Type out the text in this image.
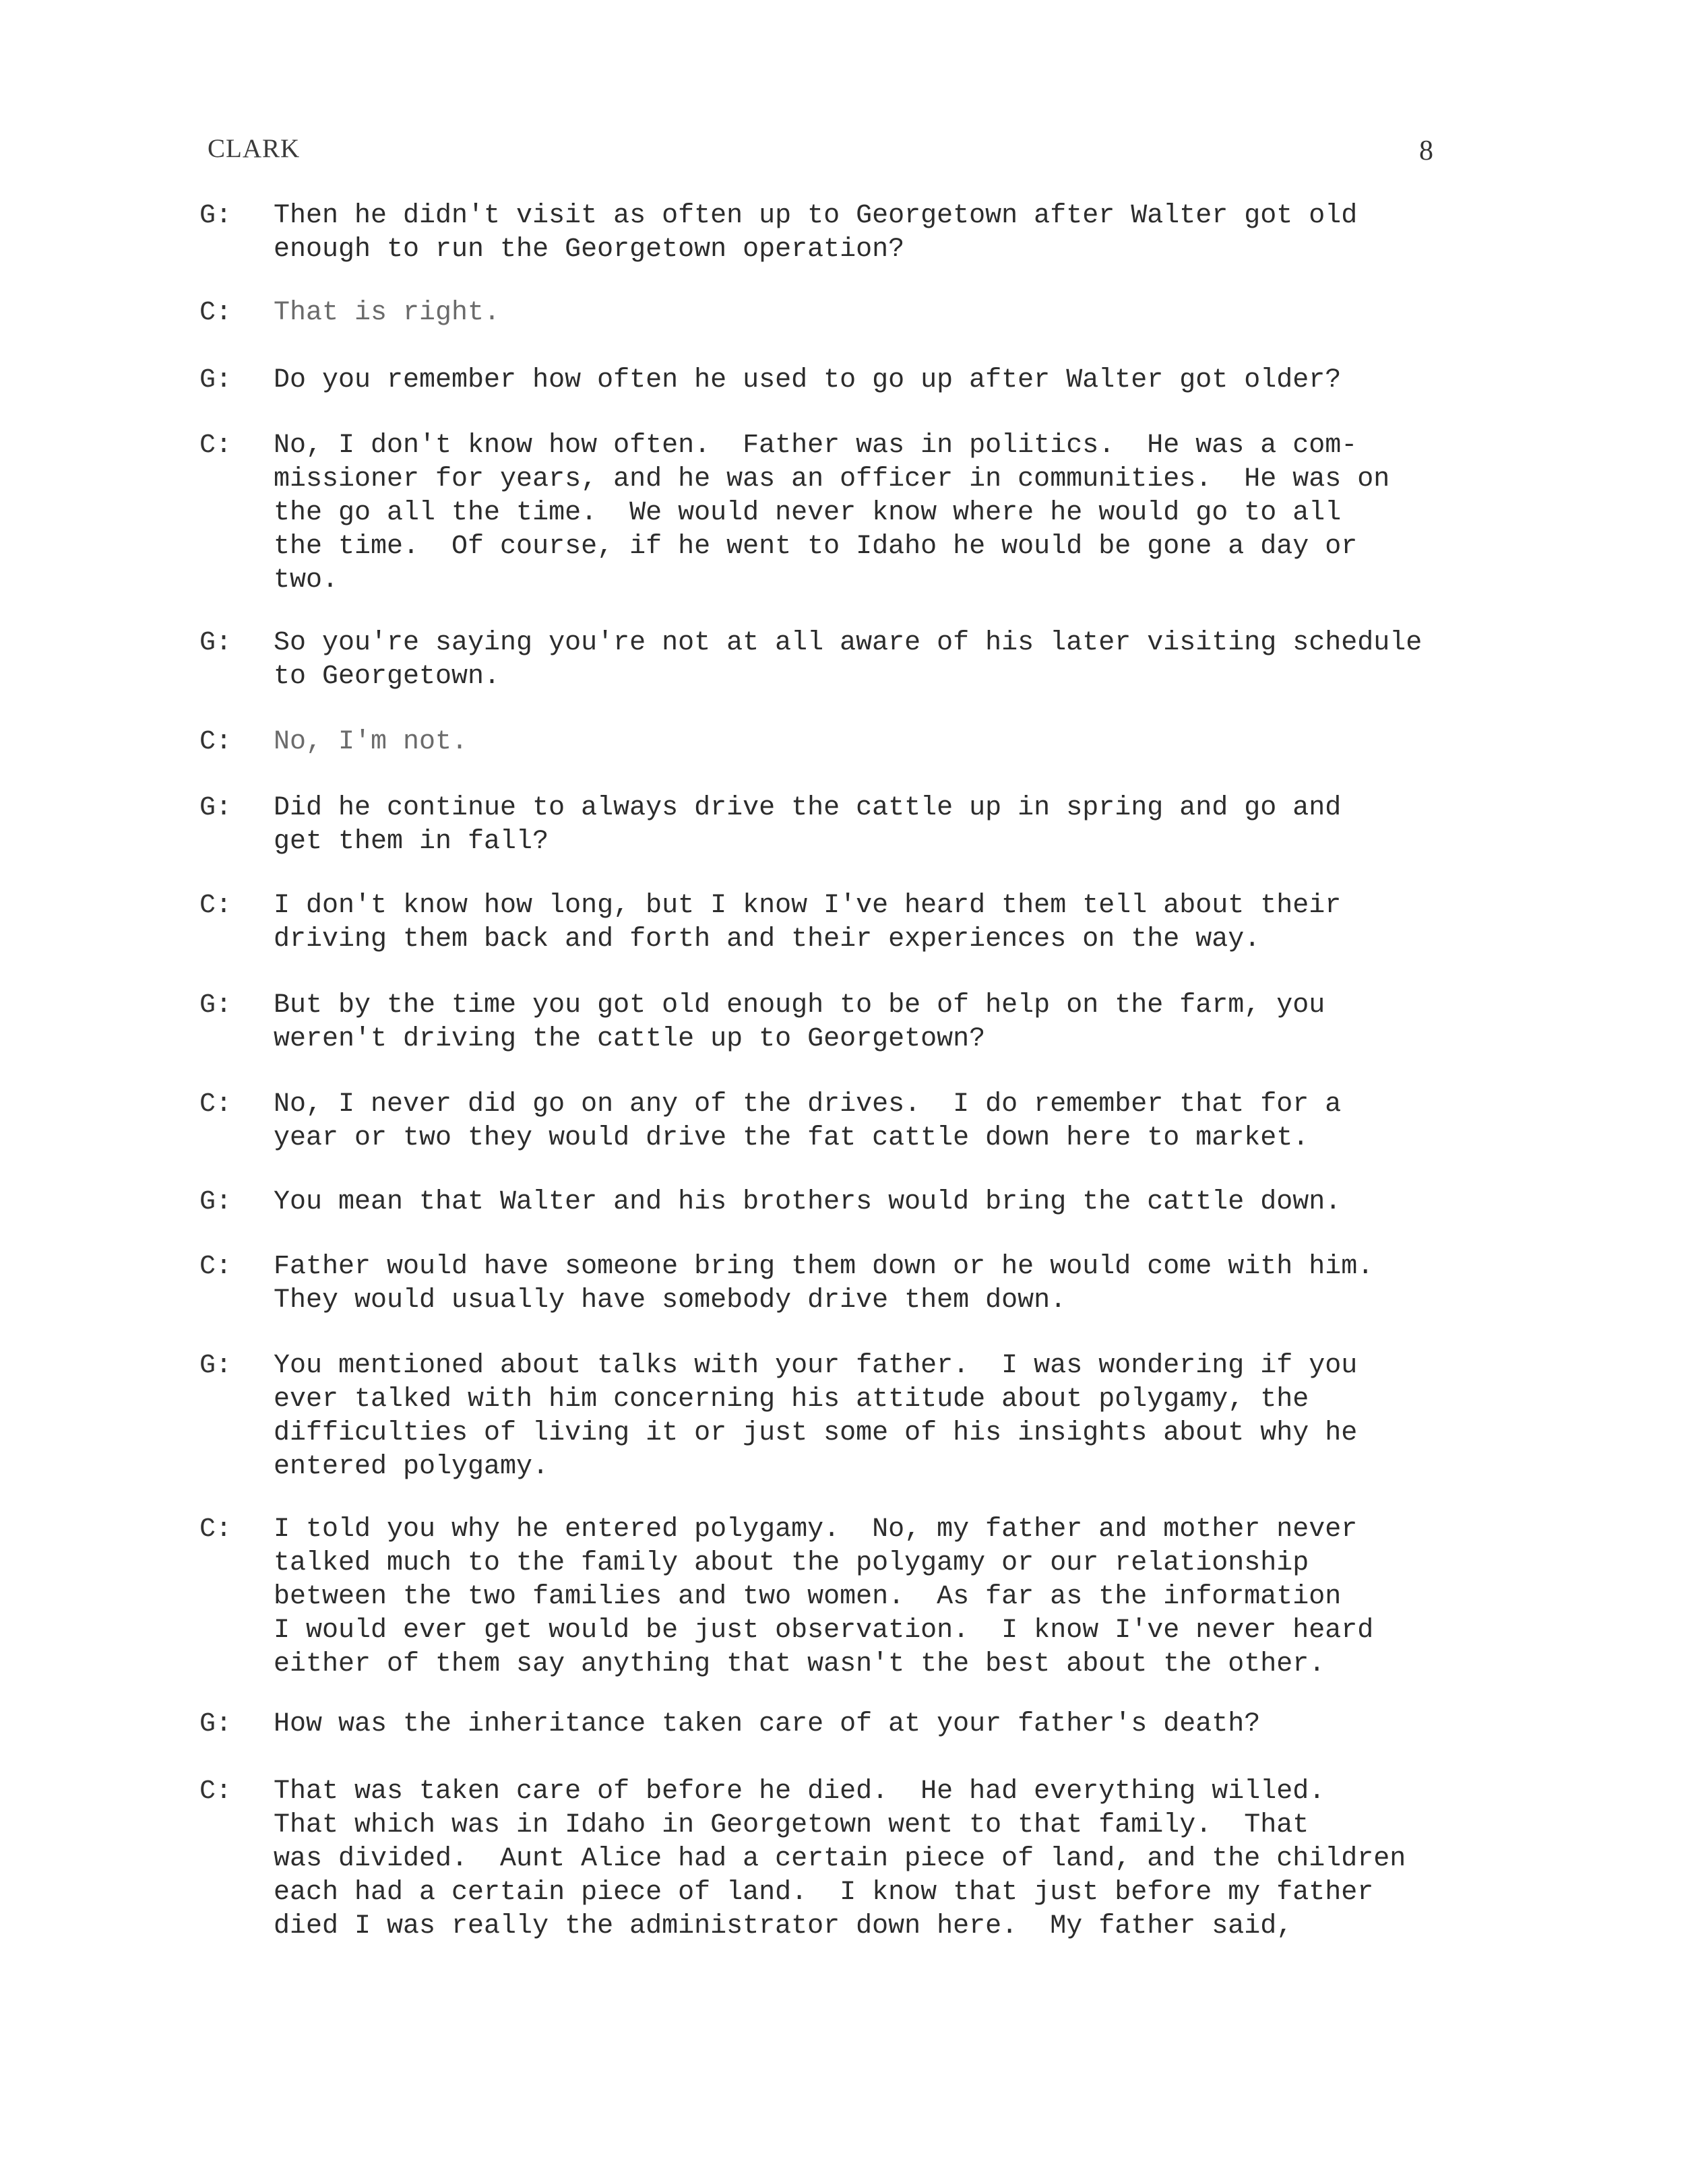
CLARK	8
G:	Then he didn't visit as often up to Georgetown after Walter got old
enough to run the Georgetown operation?
C:	That is right.
G:	Do you remember how often he used to go up after Walter got older?
C:	No, I don't know how often.  Father was in politics.  He was a com-
missioner for years, and he was an officer in communities.  He was on
the go all the time.  We would never know where he would go to all
the time.  Of course, if he went to Idaho he would be gone a day or
two.
G:	So you're saying you're not at all aware of his later visiting schedule
to Georgetown.
C:	No, I'm not.
G:	Did he continue to always drive the cattle up in spring and go and
get them in fall?
C:	I don't know how long, but I know I've heard them tell about their
driving them back and forth and their experiences on the way.
G:	But by the time you got old enough to be of help on the farm, you
weren't driving the cattle up to Georgetown?
C:	No, I never did go on any of the drives.  I do remember that for a
year or two they would drive the fat cattle down here to market.
G:	You mean that Walter and his brothers would bring the cattle down.
C:	Father would have someone bring them down or he would come with him.
They would usually have somebody drive them down.
G:	You mentioned about talks with your father.  I was wondering if you
ever talked with him concerning his attitude about polygamy, the
difficulties of living it or just some of his insights about why he
entered polygamy.
C:	I told you why he entered polygamy.  No, my father and mother never
talked much to the family about the polygamy or our relationship
between the two families and two women.  As far as the information
I would ever get would be just observation.  I know I've never heard
either of them say anything that wasn't the best about the other.
G:	How was the inheritance taken care of at your father's death?
C:	That was taken care of before he died.  He had everything willed.
That which was in Idaho in Georgetown went to that family.  That
was divided.  Aunt Alice had a certain piece of land, and the children
each had a certain piece of land.  I know that just before my father
died I was really the administrator down here.  My father said,
